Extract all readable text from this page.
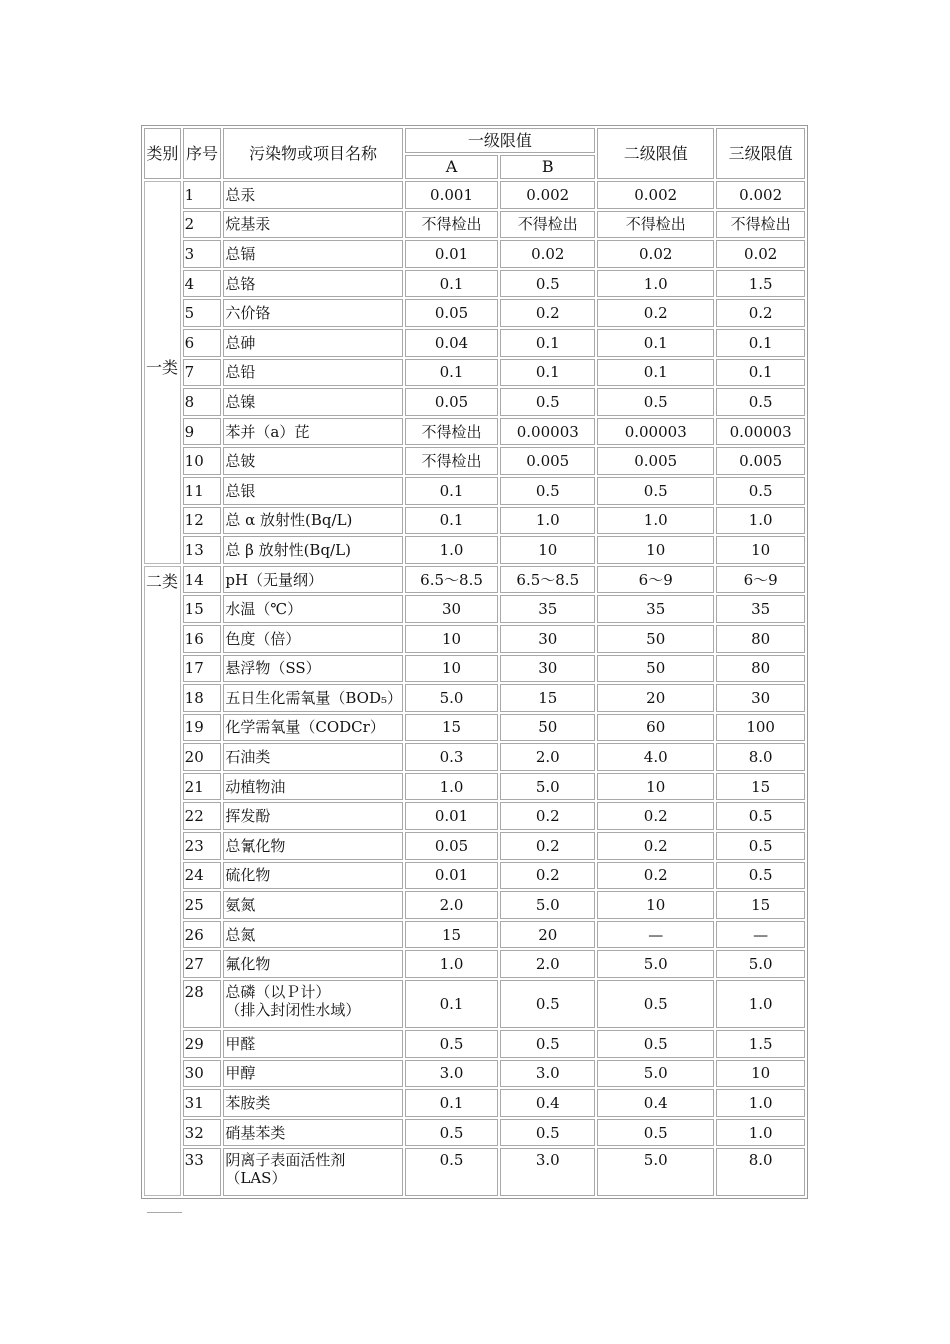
类别	序号	污染物或项目名称	一级限值		二级限值	三级限值
			A	B		

一类	1	总汞	0.001	0.002	0.002	0.002
	2	烷基汞	不得检出	不得检出	不得检出	不得检出
	3	总镉	0.01	0.02	0.02	0.02
	4	总铬	0.1	0.5	1.0	1.5
	5	六价铬	0.05	0.2	0.2	0.2
	6	总砷	0.04	0.1	0.1	0.1
	7	总铅	0.1	0.1	0.1	0.1
	8	总镍	0.05	0.5	0.5	0.5
	9	苯并（a）芘	不得检出	0.00003	0.00003	0.00003
	10	总铍	不得检出	0.005	0.005	0.005
	11	总银	0.1	0.5	0.5	0.5
	12	总 α 放射性(Bq/L)	0.1	1.0	1.0	1.0
	13	总 β 放射性(Bq/L)	1.0	10	10	10

二类	14	pH（无量纲）	6.5～8.5	6.5～8.5	6～9	6～9
	15	水温（℃）	30	35	35	35
	16	色度（倍）	10	30	50	80
	17	悬浮物（SS）	10	30	50	80
	18	五日生化需氧量（BOD₅）	5.0	15	20	30
	19	化学需氧量（CODCr）	15	50	60	100
	20	石油类	0.3	2.0	4.0	8.0
	21	动植物油	1.0	5.0	10	15
	22	挥发酚	0.01	0.2	0.2	0.5
	23	总氰化物	0.05	0.2	0.2	0.5
	24	硫化物	0.01	0.2	0.2	0.5
	25	氨氮	2.0	5.0	10	15
	26	总氮	15	20	—	—
	27	氟化物	1.0	2.0	5.0	5.0
	28	总磷（以Ｐ计）
（排入封闭性水域）	0.1	0.5	0.5	1.0
	29	甲醛	0.5	0.5	0.5	1.5
	30	甲醇	3.0	3.0	5.0	10
	31	苯胺类	0.1	0.4	0.4	1.0
	32	硝基苯类	0.5	0.5	0.5	1.0
	33	阴离子表面活性剂
（LAS）	0.5	3.0	5.0	8.0
